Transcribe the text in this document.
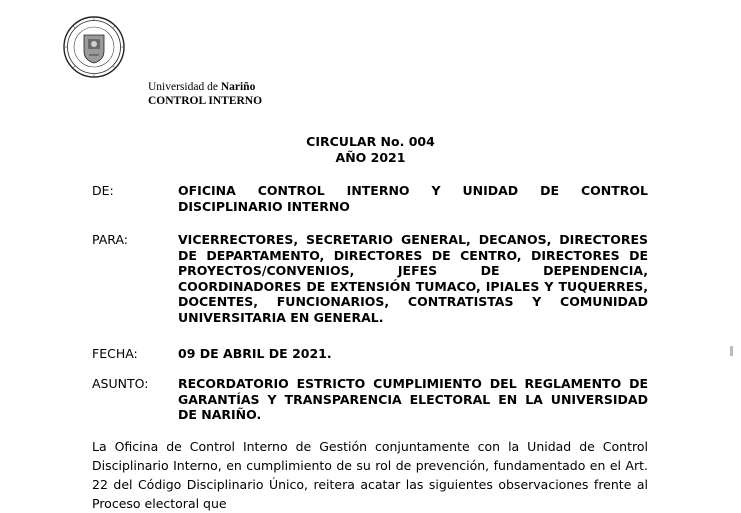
Universidad de Nariño
CONTROL INTERNO
CIRCULAR No. 004
AÑO 2021
DE:	OFICINA CONTROL INTERNO Y UNIDAD DE CONTROL DISCIPLINARIO INTERNO
PARA:	VICERRECTORES, SECRETARIO GENERAL, DECANOS, DIRECTORES DE DEPARTAMENTO, DIRECTORES DE CENTRO, DIRECTORES DE PROYECTOS/CONVENIOS, JEFES DE DEPENDENCIA, COORDINADORES DE EXTENSIÓN TUMACO, IPIALES Y TUQUERRES, DOCENTES, FUNCIONARIOS, CONTRATISTAS Y COMUNIDAD UNIVERSITARIA EN GENERAL.
FECHA:	09 DE ABRIL DE 2021.
ASUNTO: RECORDATORIO ESTRICTO CUMPLIMIENTO DEL REGLAMENTO DE GARANTÍAS Y TRANSPARENCIA ELECTORAL EN LA UNIVERSIDAD DE NARIÑO.
La Oficina de Control Interno de Gestión conjuntamente con la Unidad de Control Disciplinario Interno, en cumplimiento de su rol de prevención, fundamentado en el Art. 22 del Código Disciplinario Único, reitera acatar las siguientes observaciones frente al Proceso electoral que
